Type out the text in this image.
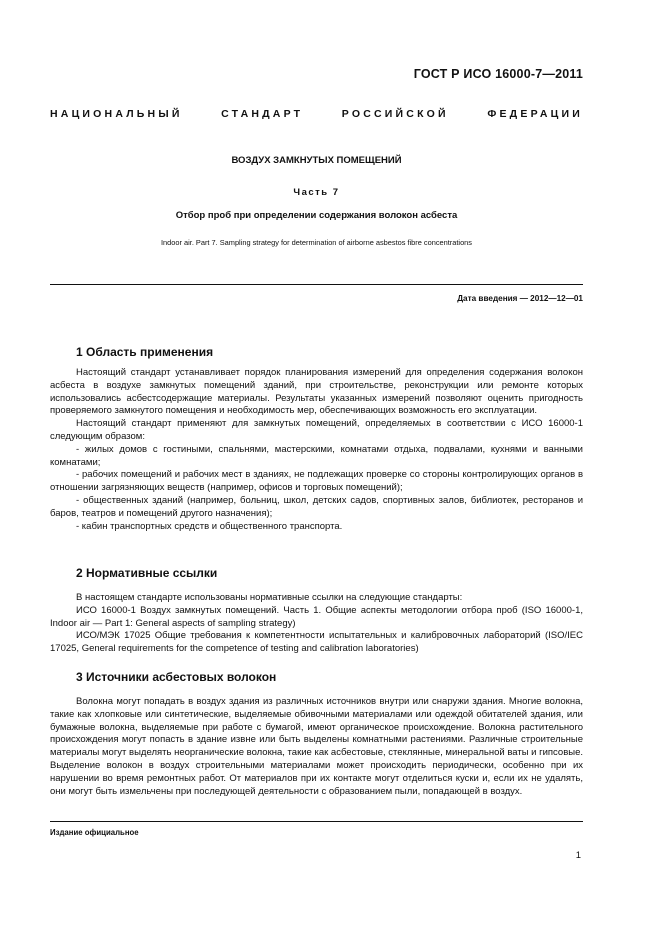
ГОСТ Р ИСО 16000-7—2011
НАЦИОНАЛЬНЫЙ СТАНДАРТ РОССИЙСКОЙ ФЕДЕРАЦИИ
ВОЗДУХ ЗАМКНУТЫХ ПОМЕЩЕНИЙ
Часть 7
Отбор проб при определении содержания волокон асбеста
Indoor air. Part 7. Sampling strategy for determination of airborne asbestos fibre concentrations
Дата введения — 2012—12—01
1 Область применения

Настоящий стандарт устанавливает порядок планирования измерений для определения содержания волокон асбеста в воздухе замкнутых помещений зданий, при строительстве, реконструкции или ремонте которых использовались асбестсодержащие материалы. Результаты указанных измерений позволяют оценить пригодность проверяемого замкнутого помещения и необходимость мер, обеспечивающих возможность его эксплуатации.

Настоящий стандарт применяют для замкнутых помещений, определяемых в соответствии с ИСО 16000-1 следующим образом:

- жилых домов с гостиными, спальнями, мастерскими, комнатами отдыха, подвалами, кухнями и ванными комнатами;

- рабочих помещений и рабочих мест в зданиях, не подлежащих проверке со стороны контролирующих органов в отношении загрязняющих веществ (например, офисов и торговых помещений);

- общественных зданий (например, больниц, школ, детских садов, спортивных залов, библиотек, ресторанов и баров, театров и помещений другого назначения);

- кабин транспортных средств и общественного транспорта.

2 Нормативные ссылки

В настоящем стандарте использованы нормативные ссылки на следующие стандарты:

ИСО 16000-1 Воздух замкнутых помещений. Часть 1. Общие аспекты методологии отбора проб (ISO 16000-1, Indoor air — Part 1: General aspects of sampling strategy)

ИСО/МЭК 17025 Общие требования к компетентности испытательных и калибровочных лабораторий (ISO/IEC 17025, General requirements for the competence of testing and calibration laboratories)

3 Источники асбестовых волокон

Волокна могут попадать в воздух здания из различных источников внутри или снаружи здания. Многие волокна, такие как хлопковые или синтетические, выделяемые обивочными материалами или одеждой обитателей здания, или бумажные волокна, выделяемые при работе с бумагой, имеют органическое происхождение. Волокна растительного происхождения могут попасть в здание извне или быть выделены комнатными растениями. Различные строительные материалы могут выделять неорганические волокна, такие как асбестовые, стеклянные, минеральной ваты и гипсовые. Выделение волокон в воздух строительными материалами может происходить периодически, особенно при их нарушении во время ремонтных работ. От материалов при их контакте могут отделиться куски и, если их не удалять, они могут быть измельчены при последующей деятельности с образованием пыли, попадающей в воздух.

Издание официальное
1
